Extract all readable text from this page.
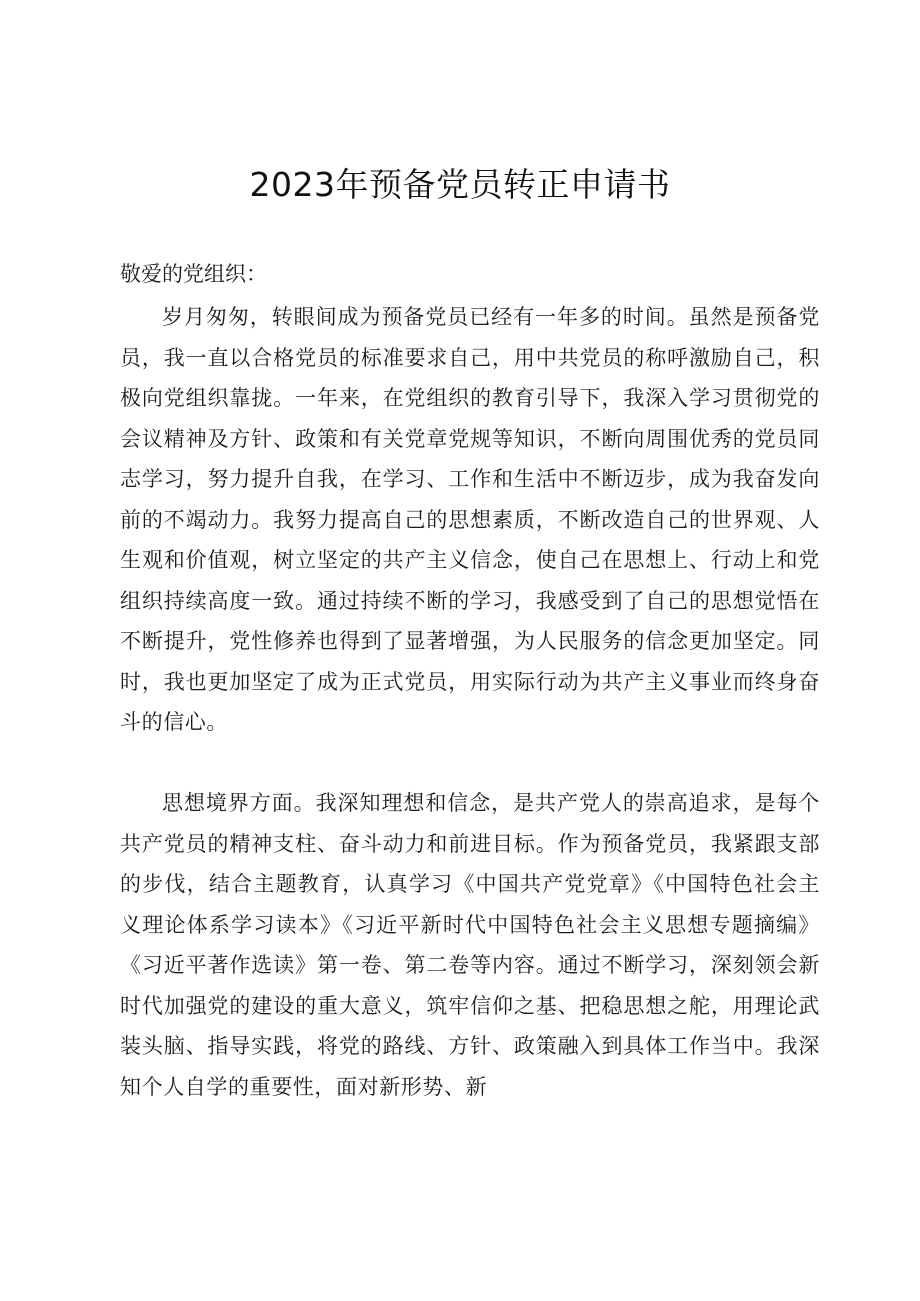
2023年预备党员转正申请书
敬爱的党组织：

岁月匆匆，转眼间成为预备党员已经有一年多的时间。虽然是预备党员，我一直以合格党员的标准要求自己，用中共党员的称呼激励自己，积极向党组织靠拢。一年来，在党组织的教育引导下，我深入学习贯彻党的会议精神及方针、政策和有关党章党规等知识，不断向周围优秀的党员同志学习，努力提升自我，在学习、工作和生活中不断迈步，成为我奋发向前的不竭动力。我努力提高自己的思想素质，不断改造自己的世界观、人生观和价值观，树立坚定的共产主义信念，使自己在思想上、行动上和党组织持续高度一致。通过持续不断的学习，我感受到了自己的思想觉悟在不断提升，党性修养也得到了显著增强，为人民服务的信念更加坚定。同时，我也更加坚定了成为正式党员，用实际行动为共产主义事业而终身奋斗的信心。

思想境界方面。我深知理想和信念，是共产党人的崇高追求，是每个共产党员的精神支柱、奋斗动力和前进目标。作为预备党员，我紧跟支部的步伐，结合主题教育，认真学习《中国共产党党章》《中国特色社会主义理论体系学习读本》《习近平新时代中国特色社会主义思想专题摘编》《习近平著作选读》第一卷、第二卷等内容。通过不断学习，深刻领会新时代加强党的建设的重大意义，筑牢信仰之基、把稳思想之舵，用理论武装头脑、指导实践，将党的路线、方针、政策融入到具体工作当中。我深知个人自学的重要性，面对新形势、新
